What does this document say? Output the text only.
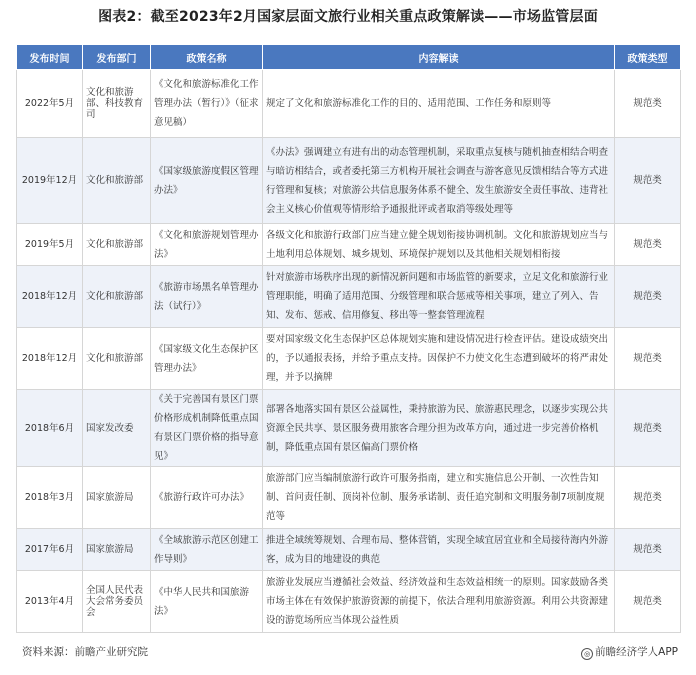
图表2：截至2023年2月国家层面文旅行业相关重点政策解读——市场监管层面
发布时间	发布部门	政策名称	内容解读	政策类型
2022年5月	文化和旅游部、科技教育司	《文化和旅游标准化工作管理办法（暂行）》（征求意见稿）	规定了文化和旅游标准化工作的目的、适用范围、工作任务和原则等	规范类
2019年12月	文化和旅游部	《国家级旅游度假区管理办法》	《办法》强调建立有进有出的动态管理机制，采取重点复核与随机抽查相结合明查与暗访相结合，或者委托第三方机构开展社会调查与游客意见反馈相结合等方式进行管理和复核；对旅游公共信息服务体系不健全、发生旅游安全责任事故、违背社会主义核心价值观等情形给予通报批评或者取消等级处理等	规范类
2019年5月	文化和旅游部	《文化和旅游规划管理办法》	各级文化和旅游行政部门应当建立健全规划衔接协调机制。文化和旅游规划应当与土地利用总体规划、城乡规划、环境保护规划以及其他相关规划相衔接	规范类
2018年12月	文化和旅游部	《旅游市场黑名单管理办法（试行）》	针对旅游市场秩序出现的新情况新问题和市场监管的新要求，立足文化和旅游行业管理职能，明确了适用范围、分级管理和联合惩戒等相关事项，建立了列入、告知、发布、惩戒、信用修复、移出等一整套管理流程	规范类
2018年12月	文化和旅游部	《国家级文化生态保护区管理办法》	要对国家级文化生态保护区总体规划实施和建设情况进行检查评估。建设成绩突出的，予以通报表扬，并给予重点支持。因保护不力使文化生态遭到破坏的将严肃处理，并予以摘牌	规范类
2018年6月	国家发改委	《关于完善国有景区门票价格形成机制降低重点国有景区门票价格的指导意见》	部署各地落实国有景区公益属性，秉持旅游为民、旅游惠民理念，以逐步实现公共资源全民共享、景区服务费用旅客合理分担为改革方向，通过进一步完善价格机制，降低重点国有景区偏高门票价格	规范类
2018年3月	国家旅游局	《旅游行政许可办法》	旅游部门应当编制旅游行政许可服务指南，建立和实施信息公开制、一次性告知制、首问责任制、顶岗补位制、服务承诺制、责任追究制和文明服务制7项制度规范等	规范类
2017年6月	国家旅游局	《全域旅游示范区创建工作导则》	推进全域统筹规划、合理布局、整体营销，实现全域宜居宜业和全局接待海内外游客，成为目的地建设的典范	规范类
2013年4月	全国人民代表大会常务委员会	《中华人民共和国旅游法》	旅游业发展应当遵循社会效益、经济效益和生态效益相统一的原则。国家鼓励各类市场主体在有效保护旅游资源的前提下，依法合理利用旅游资源。利用公共资源建设的游览场所应当体现公益性质	规范类
资料来源：前瞻产业研究院	◎ 前瞻经济学人APP
